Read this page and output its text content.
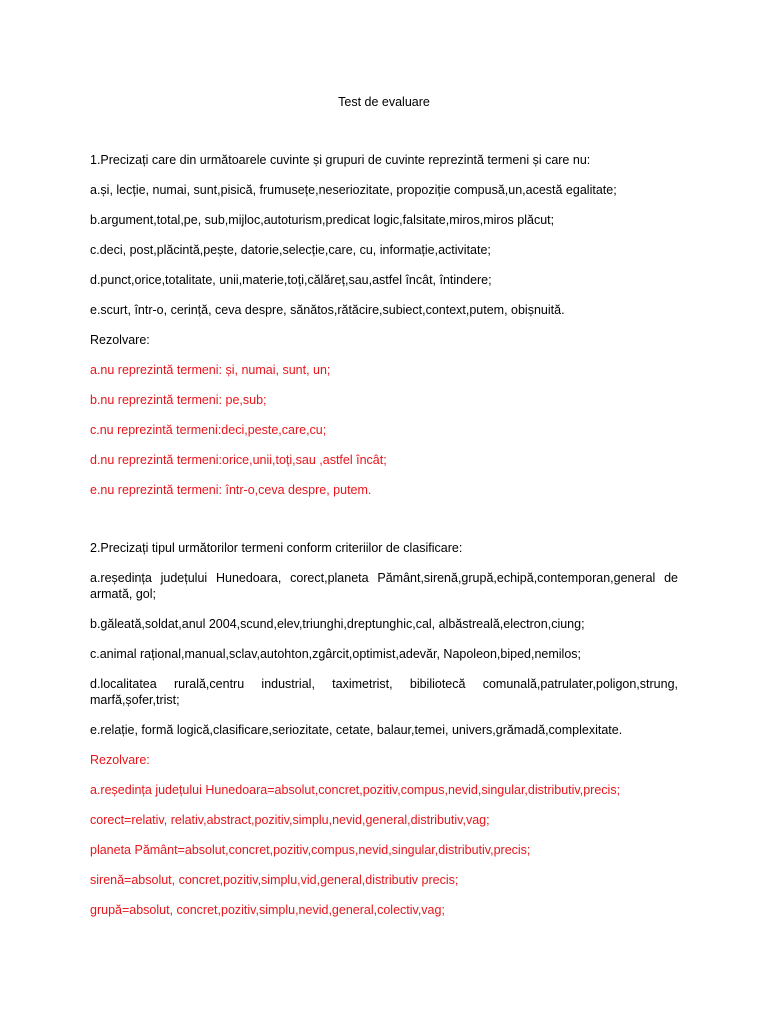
Test de evaluare
1.Precizați care din următoarele cuvinte și grupuri de cuvinte reprezintă termeni și care nu:
a.și, lecție, numai, sunt,pisică, frumusețe,neseriozitate, propoziție compusă,un,acestă egalitate;
b.argument,total,pe, sub,mijloc,autoturism,predicat logic,falsitate,miros,miros plăcut;
c.deci, post,plăcintă,pește, datorie,selecție,care, cu, informație,activitate;
d.punct,orice,totalitate, unii,materie,toți,călăreț,sau,astfel încât, întindere;
e.scurt, într-o, cerință, ceva despre, sănătos,rătăcire,subiect,context,putem, obișnuită.
Rezolvare:
a.nu reprezintă termeni: și, numai, sunt, un;
b.nu reprezintă termeni: pe,sub;
c.nu reprezintă termeni:deci,peste,care,cu;
d.nu reprezintă termeni:orice,unii,toți,sau ,astfel încât;
e.nu reprezintă termeni: într-o,ceva despre, putem.
2.Precizați tipul următorilor termeni conform criteriilor de clasificare:
a.reședința județului Hunedoara, corect,planeta Pământ,sirenă,grupă,echipă,contemporan,general de armată, gol;
b.găleată,soldat,anul 2004,scund,elev,triunghi,dreptunghic,cal, albăstreală,electron,ciung;
c.animal rațional,manual,sclav,autohton,zgârcit,optimist,adevăr, Napoleon,biped,nemilos;
d.localitatea rurală,centru industrial, taximetrist, bibiliotecă comunală,patrulater,poligon,strung, marfă,șofer,trist;
e.relație, formă logică,clasificare,seriozitate, cetate, balaur,temei, univers,grămadă,complexitate.
Rezolvare:
a.reședința județului Hunedoara=absolut,concret,pozitiv,compus,nevid,singular,distributiv,precis;
corect=relativ, relativ,abstract,pozitiv,simplu,nevid,general,distributiv,vag;
planeta Pământ=absolut,concret,pozitiv,compus,nevid,singular,distributiv,precis;
sirenă=absolut, concret,pozitiv,simplu,vid,general,distributiv precis;
grupă=absolut, concret,pozitiv,simplu,nevid,general,colectiv,vag;
